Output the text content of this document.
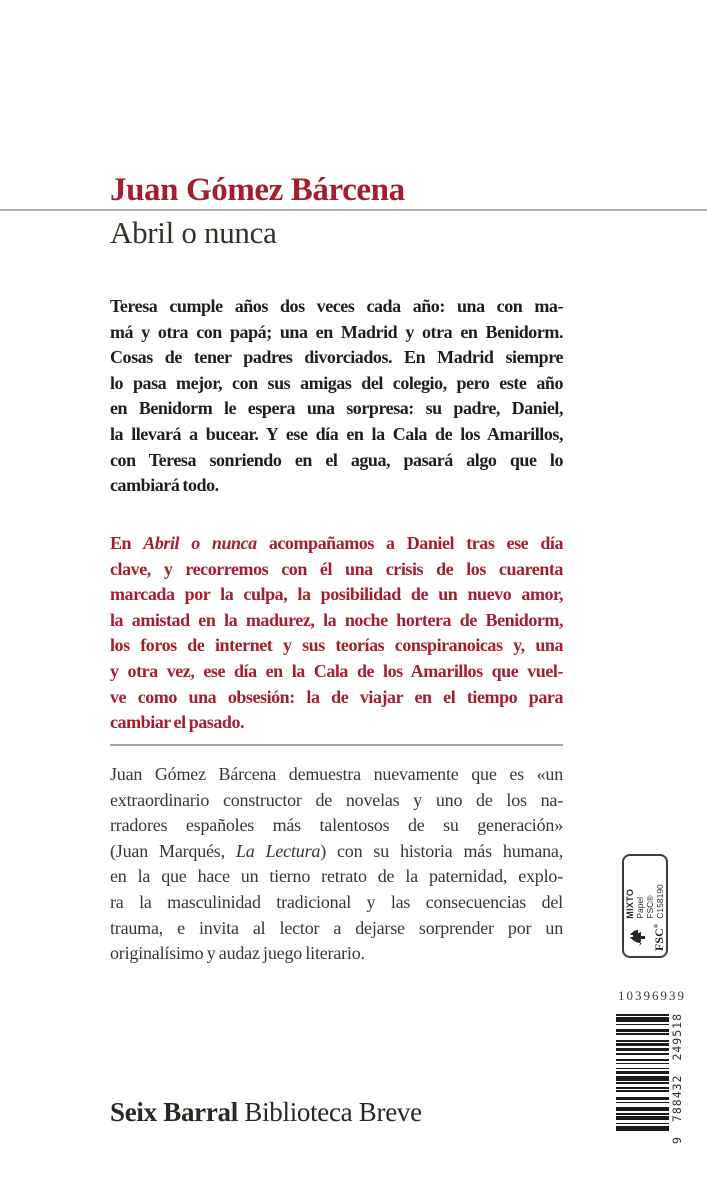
Juan Gómez Bárcena
Abril o nunca
Teresa cumple años dos veces cada año: una con ma-
má y otra con papá; una en Madrid y otra en Benidorm.
Cosas de tener padres divorciados. En Madrid siempre
lo pasa mejor, con sus amigas del colegio, pero este año
en Benidorm le espera una sorpresa: su padre, Daniel,
la llevará a bucear. Y ese día en la Cala de los Amarillos,
con Teresa sonriendo en el agua, pasará algo que lo
cambiará todo.
En Abril o nunca acompañamos a Daniel tras ese día
clave, y recorremos con él una crisis de los cuarenta
marcada por la culpa, la posibilidad de un nuevo amor,
la amistad en la madurez, la noche hortera de Benidorm,
los foros de internet y sus teorías conspiranoicas y, una
y otra vez, ese día en la Cala de los Amarillos que vuel-
ve como una obsesión: la de viajar en el tiempo para
cambiar el pasado.
Juan Gómez Bárcena demuestra nuevamente que es «un
extraordinario constructor de novelas y uno de los na-
rradores españoles más talentosos de su generación»
(Juan Marqués, La Lectura) con su historia más humana,
en la que hace un tierno retrato de la paternidad, explo-
ra la masculinidad tradicional y las consecuencias del
trauma, e invita al lector a dejarse sorprender por un
originalísimo y audaz juego literario.
FSC®
MIXTO Papel FSC® C158190
10396939
9
788432
249518
Seix Barral Biblioteca Breve
